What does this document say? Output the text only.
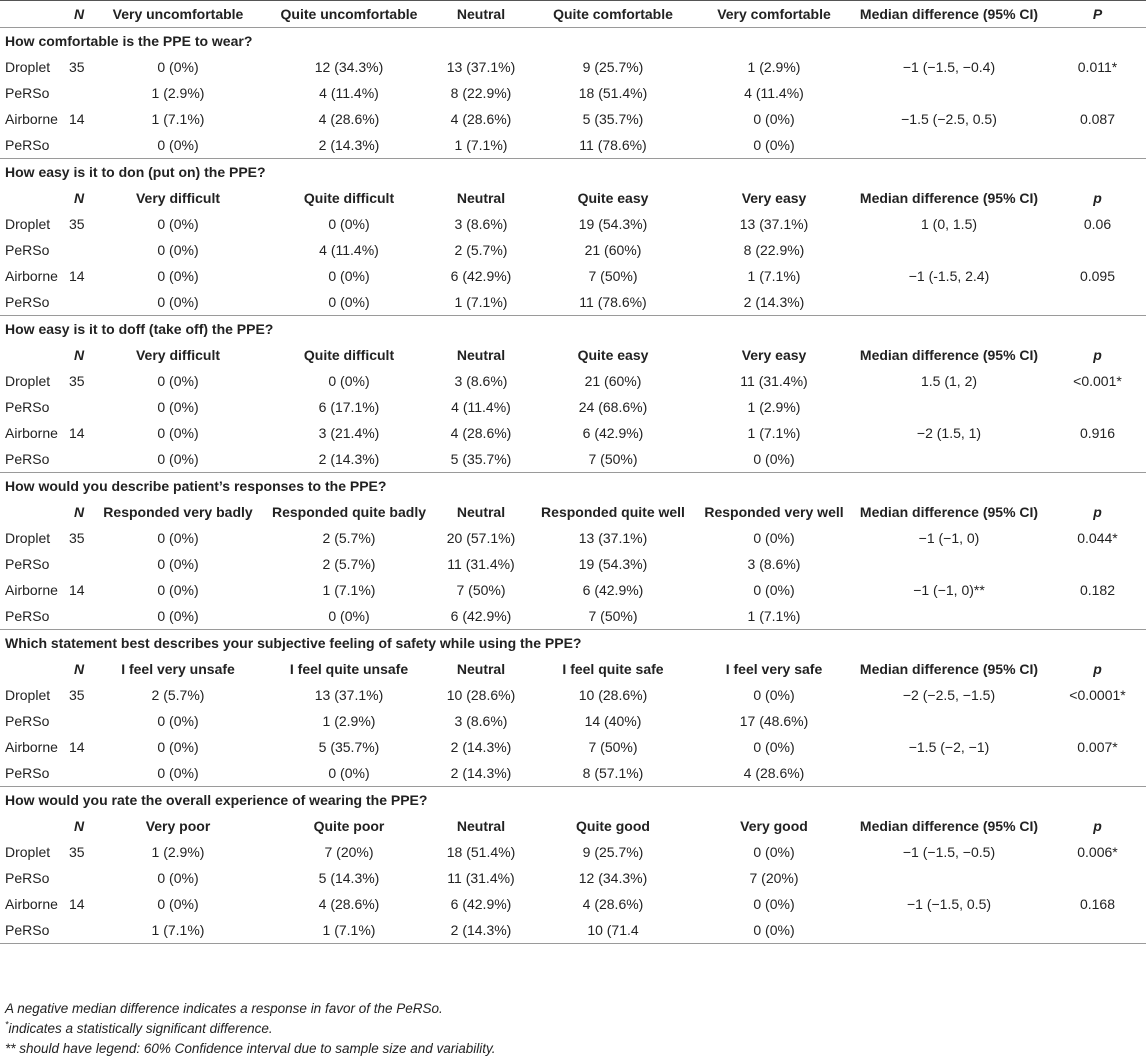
	N	Very uncomfortable	Quite uncomfortable	Neutral	Quite comfortable	Very comfortable	Median difference (95% CI)	P
How comfortable is the PPE to wear?								
Droplet	35	0 (0%)	12 (34.3%)	13 (37.1%)	9 (25.7%)	1 (2.9%)	−1 (−1.5, −0.4)	0.011*
PeRSo		1 (2.9%)	4 (11.4%)	8 (22.9%)	18 (51.4%)	4 (11.4%)		
Airborne	14	1 (7.1%)	4 (28.6%)	4 (28.6%)	5 (35.7%)	0 (0%)	−1.5 (−2.5, 0.5)	0.087
PeRSo		0 (0%)	2 (14.3%)	1 (7.1%)	11 (78.6%)	0 (0%)		
How easy is it to don (put on) the PPE?								
	N	Very difficult	Quite difficult	Neutral	Quite easy	Very easy	Median difference (95% CI)	p
Droplet	35	0 (0%)	0 (0%)	3 (8.6%)	19 (54.3%)	13 (37.1%)	1 (0, 1.5)	0.06
PeRSo		0 (0%)	4 (11.4%)	2 (5.7%)	21 (60%)	8 (22.9%)		
Airborne	14	0 (0%)	0 (0%)	6 (42.9%)	7 (50%)	1 (7.1%)	−1 (-1.5, 2.4)	0.095
PeRSo		0 (0%)	0 (0%)	1 (7.1%)	11 (78.6%)	2 (14.3%)		
How easy is it to doff (take off) the PPE?								
	N	Very difficult	Quite difficult	Neutral	Quite easy	Very easy	Median difference (95% CI)	p
Droplet	35	0 (0%)	0 (0%)	3 (8.6%)	21 (60%)	11 (31.4%)	1.5 (1, 2)	<0.001*
PeRSo		0 (0%)	6 (17.1%)	4 (11.4%)	24 (68.6%)	1 (2.9%)		
Airborne	14	0 (0%)	3 (21.4%)	4 (28.6%)	6 (42.9%)	1 (7.1%)	−2 (1.5, 1)	0.916
PeRSo		0 (0%)	2 (14.3%)	5 (35.7%)	7 (50%)	0 (0%)		
How would you describe patient’s responses to the PPE?								
	N	Responded very badly	Responded quite badly	Neutral	Responded quite well	Responded very well	Median difference (95% CI)	p
Droplet	35	0 (0%)	2 (5.7%)	20 (57.1%)	13 (37.1%)	0 (0%)	−1 (−1, 0)	0.044*
PeRSo		0 (0%)	2 (5.7%)	11 (31.4%)	19 (54.3%)	3 (8.6%)		
Airborne	14	0 (0%)	1 (7.1%)	7 (50%)	6 (42.9%)	0 (0%)	−1 (−1, 0)**	0.182
PeRSo		0 (0%)	0 (0%)	6 (42.9%)	7 (50%)	1 (7.1%)		
Which statement best describes your subjective feeling of safety while using the PPE?								
	N	I feel very unsafe	I feel quite unsafe	Neutral	I feel quite safe	I feel very safe	Median difference (95% CI)	p
Droplet	35	2 (5.7%)	13 (37.1%)	10 (28.6%)	10 (28.6%)	0 (0%)	−2 (−2.5, −1.5)	<0.0001*
PeRSo		0 (0%)	1 (2.9%)	3 (8.6%)	14 (40%)	17 (48.6%)		
Airborne	14	0 (0%)	5 (35.7%)	2 (14.3%)	7 (50%)	0 (0%)	−1.5 (−2, −1)	0.007*
PeRSo		0 (0%)	0 (0%)	2 (14.3%)	8 (57.1%)	4 (28.6%)		
How would you rate the overall experience of wearing the PPE?								
	N	Very poor	Quite poor	Neutral	Quite good	Very good	Median difference (95% CI)	p
Droplet	35	1 (2.9%)	7 (20%)	18 (51.4%)	9 (25.7%)	0 (0%)	−1 (−1.5, −0.5)	0.006*
PeRSo		0 (0%)	5 (14.3%)	11 (31.4%)	12 (34.3%)	7 (20%)		
Airborne	14	0 (0%)	4 (28.6%)	6 (42.9%)	4 (28.6%)	0 (0%)	−1 (−1.5, 0.5)	0.168
PeRSo		1 (7.1%)	1 (7.1%)	2 (14.3%)	10 (71.4	0 (0%)		
A negative median difference indicates a response in favor of the PeRSo.
*indicates a statistically significant difference.
** should have legend: 60% Confidence interval due to sample size and variability.
